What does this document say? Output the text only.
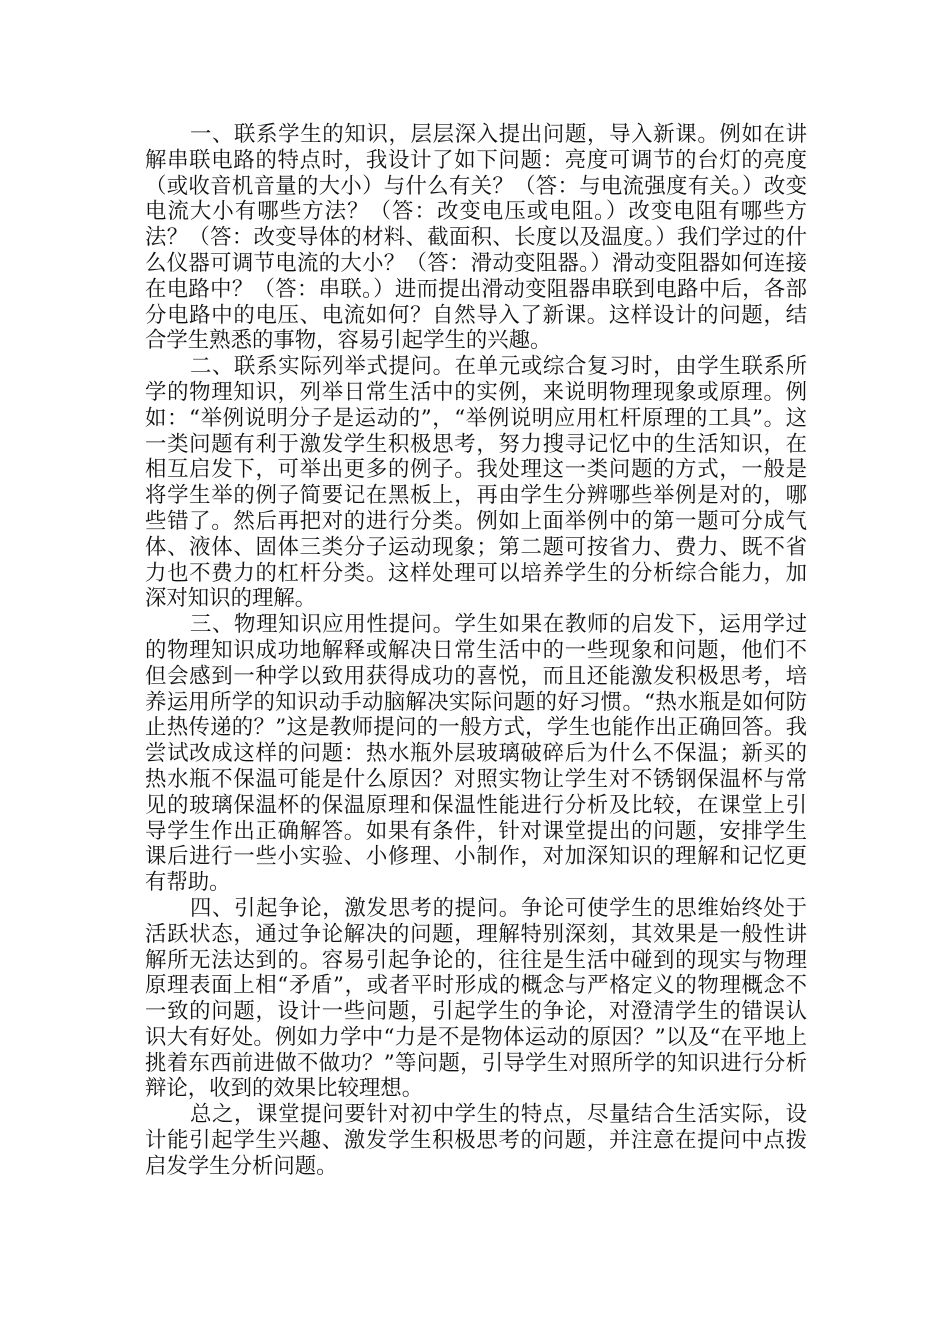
一、联系学生的知识，层层深入提出问题，导入新课。例如在讲解串联电路的特点时，我设计了如下问题：亮度可调节的台灯的亮度（或收音机音量的大小）与什么有关？（答：与电流强度有关。）改变电流大小有哪些方法？（答：改变电压或电阻。）改变电阻有哪些方法？（答：改变导体的材料、截面积、长度以及温度。）我们学过的什么仪器可调节电流的大小？（答：滑动变阻器。）滑动变阻器如何连接在电路中？（答：串联。）进而提出滑动变阻器串联到电路中后，各部分电路中的电压、电流如何？自然导入了新课。这样设计的问题，结合学生熟悉的事物，容易引起学生的兴趣。

二、联系实际列举式提问。在单元或综合复习时，由学生联系所学的物理知识，列举日常生活中的实例，来说明物理现象或原理。例如：“举例说明分子是运动的”，“举例说明应用杠杆原理的工具”。这一类问题有利于激发学生积极思考，努力搜寻记忆中的生活知识，在相互启发下，可举出更多的例子。我处理这一类问题的方式，一般是将学生举的例子简要记在黑板上，再由学生分辨哪些举例是对的，哪些错了。然后再把对的进行分类。例如上面举例中的第一题可分成气体、液体、固体三类分子运动现象；第二题可按省力、费力、既不省力也不费力的杠杆分类。这样处理可以培养学生的分析综合能力，加深对知识的理解。

三、物理知识应用性提问。学生如果在教师的启发下，运用学过的物理知识成功地解释或解决日常生活中的一些现象和问题，他们不但会感到一种学以致用获得成功的喜悦，而且还能激发积极思考，培养运用所学的知识动手动脑解决实际问题的好习惯。“热水瓶是如何防止热传递的？”这是教师提问的一般方式，学生也能作出正确回答。我尝试改成这样的问题：热水瓶外层玻璃破碎后为什么不保温；新买的热水瓶不保温可能是什么原因？对照实物让学生对不锈钢保温杯与常见的玻璃保温杯的保温原理和保温性能进行分析及比较，在课堂上引导学生作出正确解答。如果有条件，针对课堂提出的问题，安排学生课后进行一些小实验、小修理、小制作，对加深知识的理解和记忆更有帮助。

四、引起争论，激发思考的提问。争论可使学生的思维始终处于活跃状态，通过争论解决的问题，理解特别深刻，其效果是一般性讲解所无法达到的。容易引起争论的，往往是生活中碰到的现实与物理原理表面上相“矛盾”，或者平时形成的概念与严格定义的物理概念不一致的问题，设计一些问题，引起学生的争论，对澄清学生的错误认识大有好处。例如力学中“力是不是物体运动的原因？”以及“在平地上挑着东西前进做不做功？”等问题，引导学生对照所学的知识进行分析辩论，收到的效果比较理想。

总之，课堂提问要针对初中学生的特点，尽量结合生活实际，设计能引起学生兴趣、激发学生积极思考的问题，并注意在提问中点拨启发学生分析问题。
